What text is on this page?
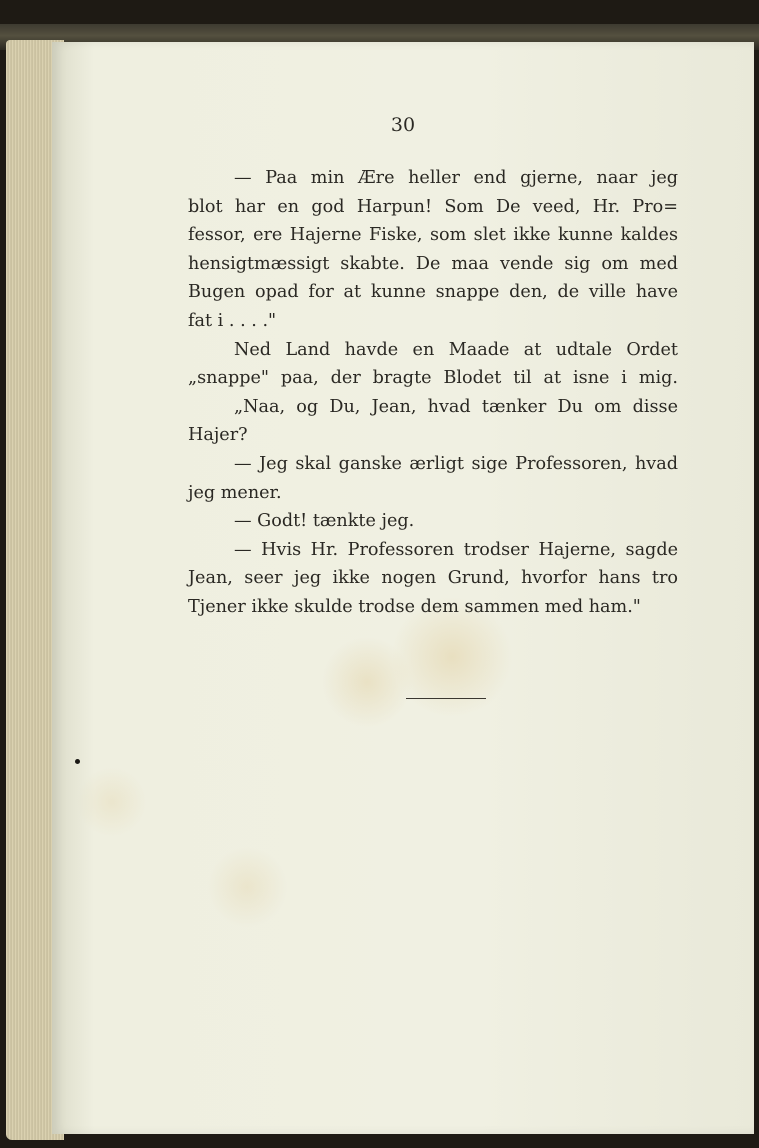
30
— Paa min Ære heller end gjerne, naar jeg
blot har en god Harpun! Som De veed, Hr. Pro=
fessor, ere Hajerne Fiske, som slet ikke kunne kaldes
hensigtmæssigt skabte. De maa vende sig om med
Bugen opad for at kunne snappe den, de ville have
fat i . . . ."
Ned Land havde en Maade at udtale Ordet
„snappe" paa, der bragte Blodet til at isne i mig.
„Naa, og Du, Jean, hvad tænker Du om disse
Hajer?
— Jeg skal ganske ærligt sige Professoren, hvad
jeg mener.
— Godt! tænkte jeg.
— Hvis Hr. Professoren trodser Hajerne, sagde
Jean, seer jeg ikke nogen Grund, hvorfor hans tro
Tjener ikke skulde trodse dem sammen med ham."
